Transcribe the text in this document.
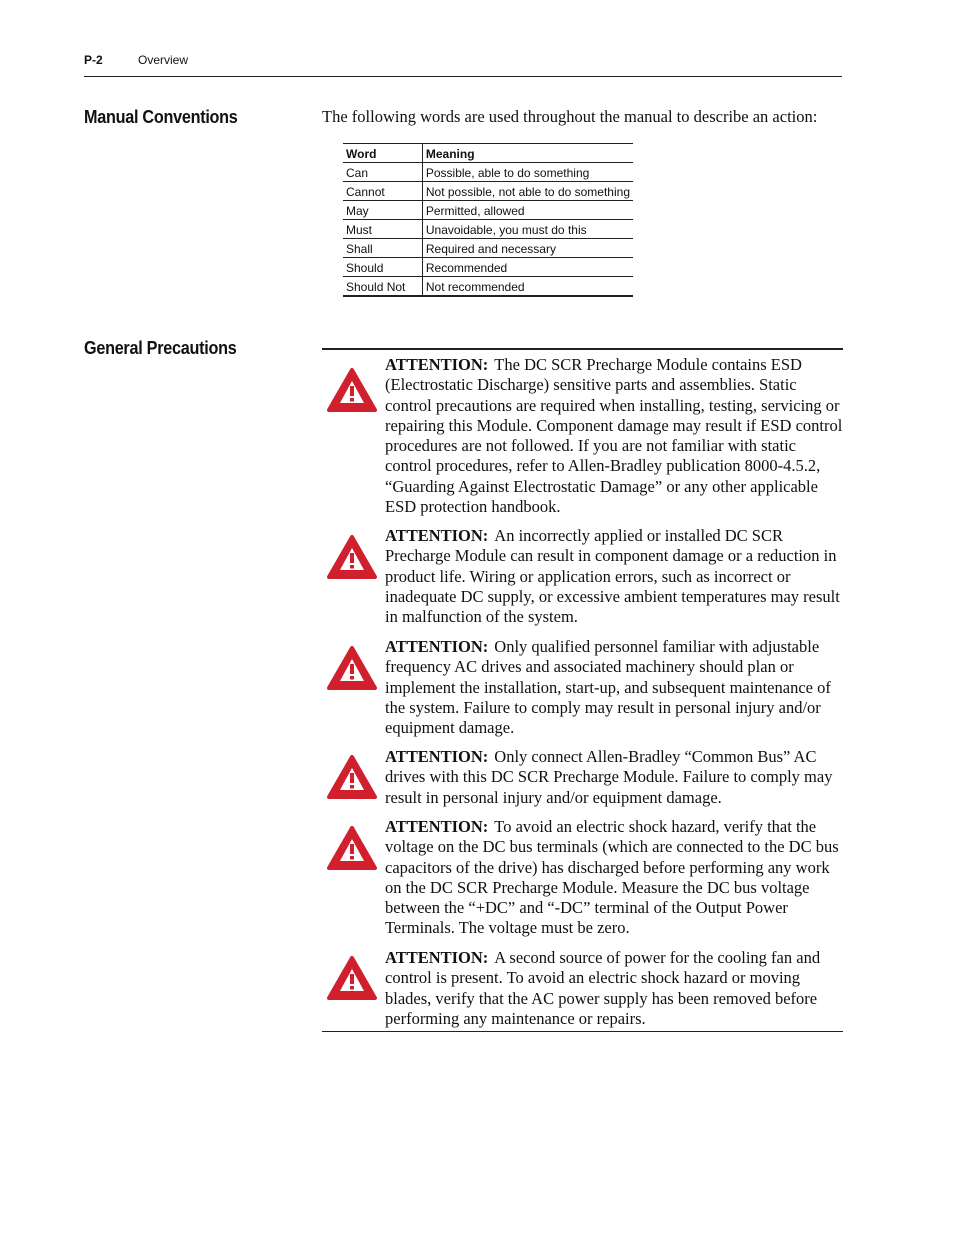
P-2	Overview
Manual Conventions	The following words are used throughout the manual to describe an action:
Word	Meaning
Can	Possible, able to do something
Cannot	Not possible, not able to do something
May	Permitted, allowed
Must	Unavoidable, you must do this
Shall	Required and necessary
Should	Recommended
Should Not	Not recommended
General Precautions
ATTENTION: The DC SCR Precharge Module contains ESD (Electrostatic Discharge) sensitive parts and assemblies. Static control precautions are required when installing, testing, servicing or repairing this Module. Component damage may result if ESD control procedures are not followed. If you are not familiar with static control procedures, refer to Allen-Bradley publication 8000-4.5.2, “Guarding Against Electrostatic Damage” or any other applicable ESD protection handbook.
ATTENTION: An incorrectly applied or installed DC SCR Precharge Module can result in component damage or a reduction in product life. Wiring or application errors, such as incorrect or inadequate DC supply, or excessive ambient temperatures may result in malfunction of the system.
ATTENTION: Only qualified personnel familiar with adjustable frequency AC drives and associated machinery should plan or implement the installation, start-up, and subsequent maintenance of the system. Failure to comply may result in personal injury and/or equipment damage.
ATTENTION: Only connect Allen-Bradley “Common Bus” AC drives with this DC SCR Precharge Module. Failure to comply may result in personal injury and/or equipment damage.
ATTENTION: To avoid an electric shock hazard, verify that the voltage on the DC bus terminals (which are connected to the DC bus capacitors of the drive) has discharged before performing any work on the DC SCR Precharge Module. Measure the DC bus voltage between the “+DC” and “-DC” terminal of the Output Power Terminals. The voltage must be zero.
ATTENTION: A second source of power for the cooling fan and control is present. To avoid an electric shock hazard or moving blades, verify that the AC power supply has been removed before performing any maintenance or repairs.
